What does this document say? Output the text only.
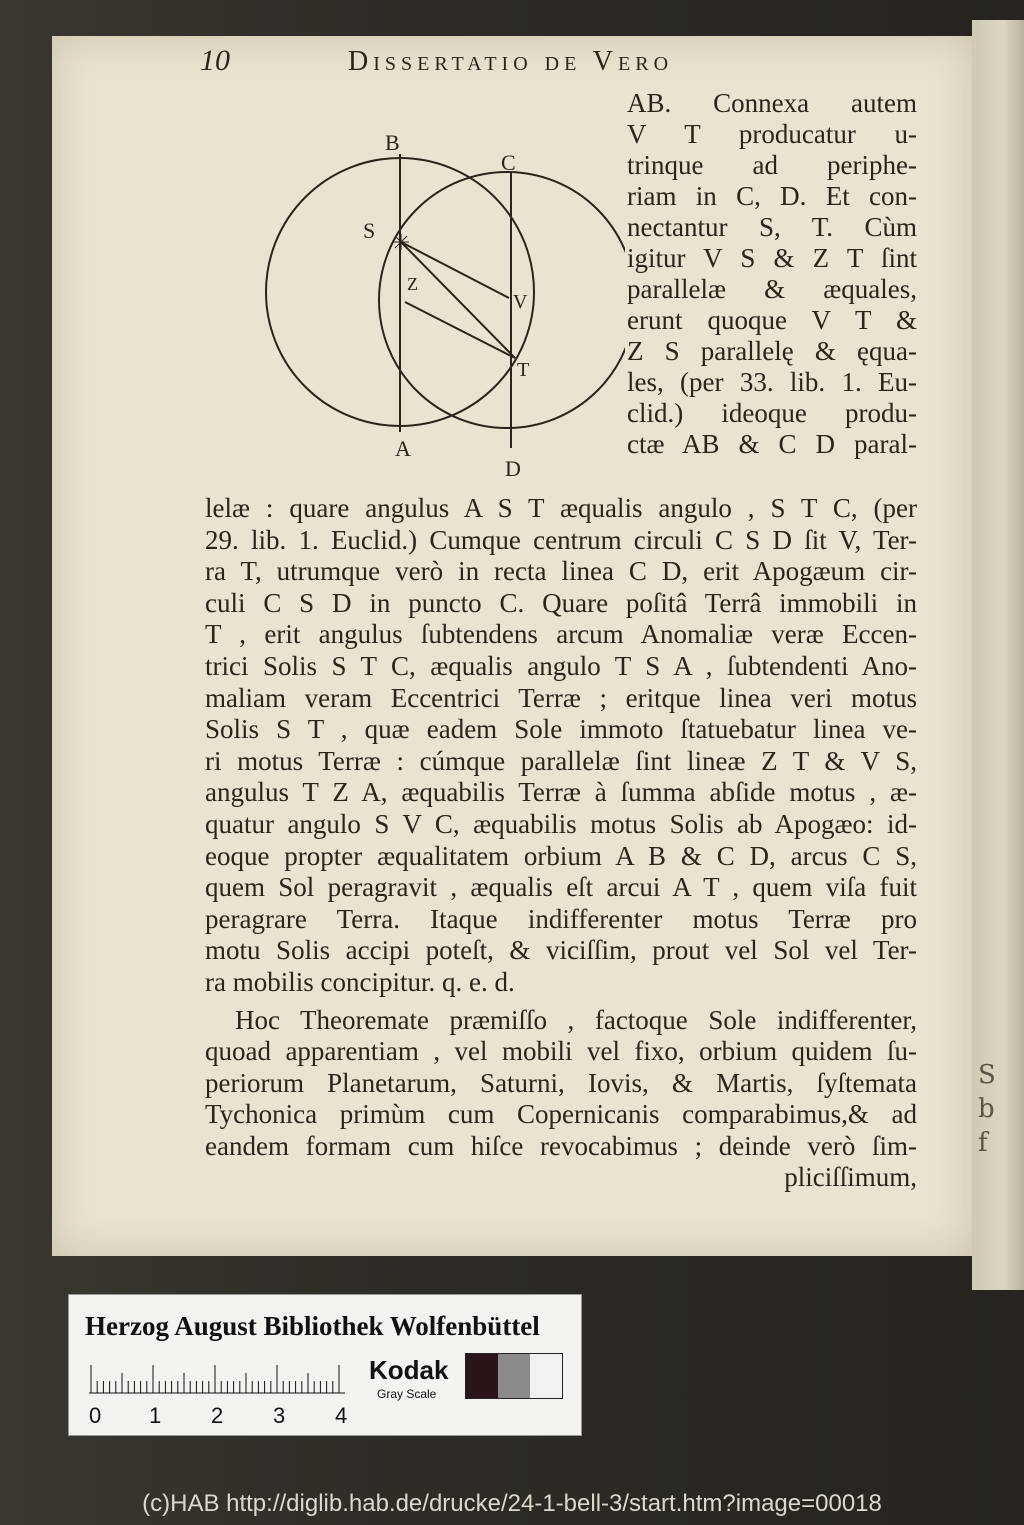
S
b
f
10	Dissertatio de Vero
B
C
S
Z
V
T
A
D
AB. Connexa autem
V T producatur u-
trinque ad periphe-
riam in C, D. Et con-
nectantur S, T. Cùm
igitur V S & Z T ſint
parallelæ & æquales,
erunt quoque V T &
Z S parallelę & ęqua-
les, (per 33. lib. 1. Eu-
clid.) ideoque produ-
ctæ AB & C D paral-
lelæ : quare angulus A S T æqualis angulo , S T C, (per
29. lib. 1. Euclid.) Cumque centrum circuli C S D ſit V, Ter-
ra T, utrumque verò in recta linea C D, erit Apogæum cir-
culi C S D in puncto C. Quare poſitâ Terrâ immobili in
T , erit angulus ſubtendens arcum Anomaliæ veræ Eccen-
trici Solis S T C, æqualis angulo T S A , ſubtendenti Ano-
maliam veram Eccentrici Terræ ; eritque linea veri motus
Solis S T , quæ eadem Sole immoto ſtatuebatur linea ve-
ri motus Terræ : cúmque parallelæ ſint lineæ Z T & V S,
angulus T Z A, æquabilis Terræ à ſumma abſide motus , æ-
quatur angulo S V C, æquabilis motus Solis ab Apogæo: id-
eoque propter æqualitatem orbium A B & C D, arcus C S,
quem Sol peragravit , æqualis eſt arcui A T , quem viſa fuit
peragrare Terra. Itaque indifferenter motus Terræ pro
motu Solis accipi poteſt, & viciſſim, prout vel Sol vel Ter-
ra mobilis concipitur. q. e. d.
Hoc Theoremate præmiſſo , factoque Sole indifferenter,
quoad apparentiam , vel mobili vel fixo, orbium quidem ſu-
periorum Planetarum, Saturni, Iovis, & Martis, ſyſtemata
Tychonica primùm cum Copernicanis comparabimus,& ad
eandem formam cum hiſce revocabimus ; deinde verò ſim-
pliciſſimum,
Herzog August Bibliothek Wolfenbüttel
0 1 2 3 4
Kodak
Gray Scale
(c)HAB http://diglib.hab.de/drucke/24-1-bell-3/start.htm?image=00018
